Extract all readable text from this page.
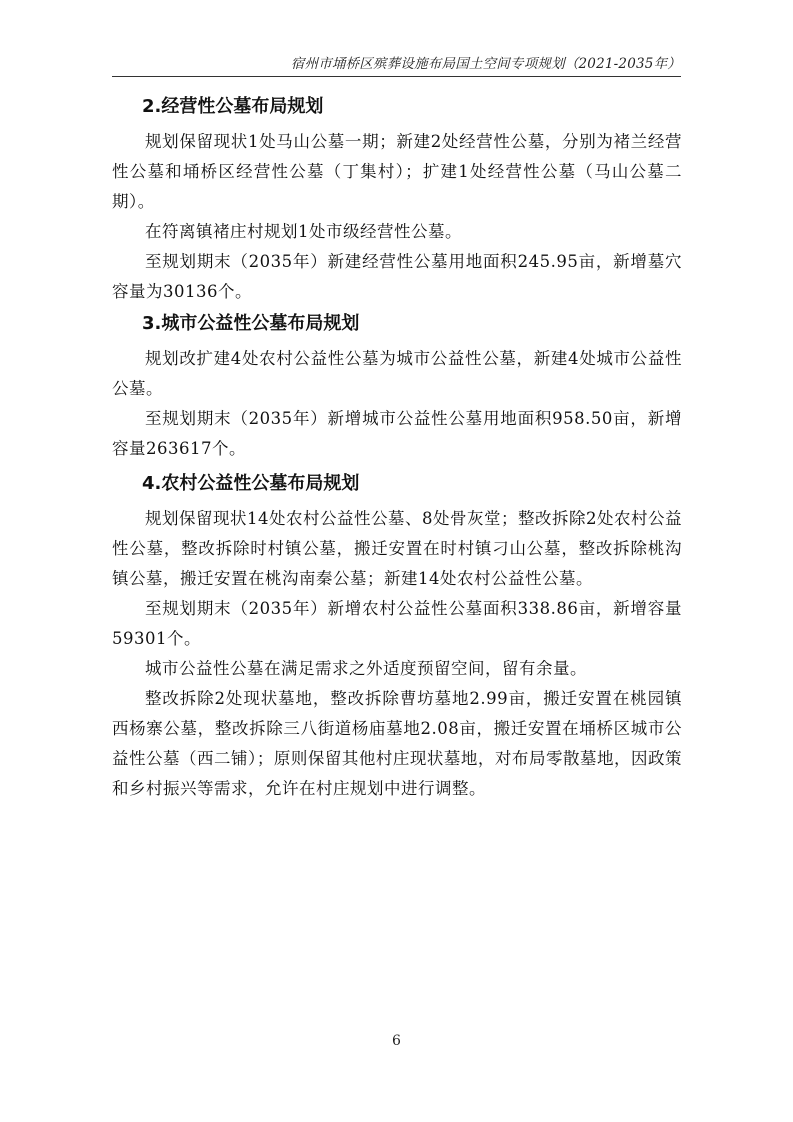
宿州市埇桥区殡葬设施布局国土空间专项规划（2021-2035年）
2.经营性公墓布局规划

规划保留现状1处马山公墓一期；新建2处经营性公墓，分别为褚兰经营性公墓和埇桥区经营性公墓（丁集村）；扩建1处经营性公墓（马山公墓二期）。

在符离镇褚庄村规划1处市级经营性公墓。

至规划期末（2035年）新建经营性公墓用地面积245.95亩，新增墓穴容量为30136个。

3.城市公益性公墓布局规划

规划改扩建4处农村公益性公墓为城市公益性公墓，新建4处城市公益性公墓。

至规划期末（2035年）新增城市公益性公墓用地面积958.50亩，新增容量263617个。

4.农村公益性公墓布局规划

规划保留现状14处农村公益性公墓、8处骨灰堂；整改拆除2处农村公益性公墓，整改拆除时村镇公墓，搬迁安置在时村镇刁山公墓，整改拆除桃沟镇公墓，搬迁安置在桃沟南秦公墓；新建14处农村公益性公墓。

至规划期末（2035年）新增农村公益性公墓面积338.86亩，新增容量59301个。

城市公益性公墓在满足需求之外适度预留空间，留有余量。

整改拆除2处现状墓地，整改拆除曹坊墓地2.99亩，搬迁安置在桃园镇西杨寨公墓，整改拆除三八街道杨庙墓地2.08亩，搬迁安置在埇桥区城市公益性公墓（西二铺）；原则保留其他村庄现状墓地，对布局零散墓地，因政策和乡村振兴等需求，允许在村庄规划中进行调整。

6
